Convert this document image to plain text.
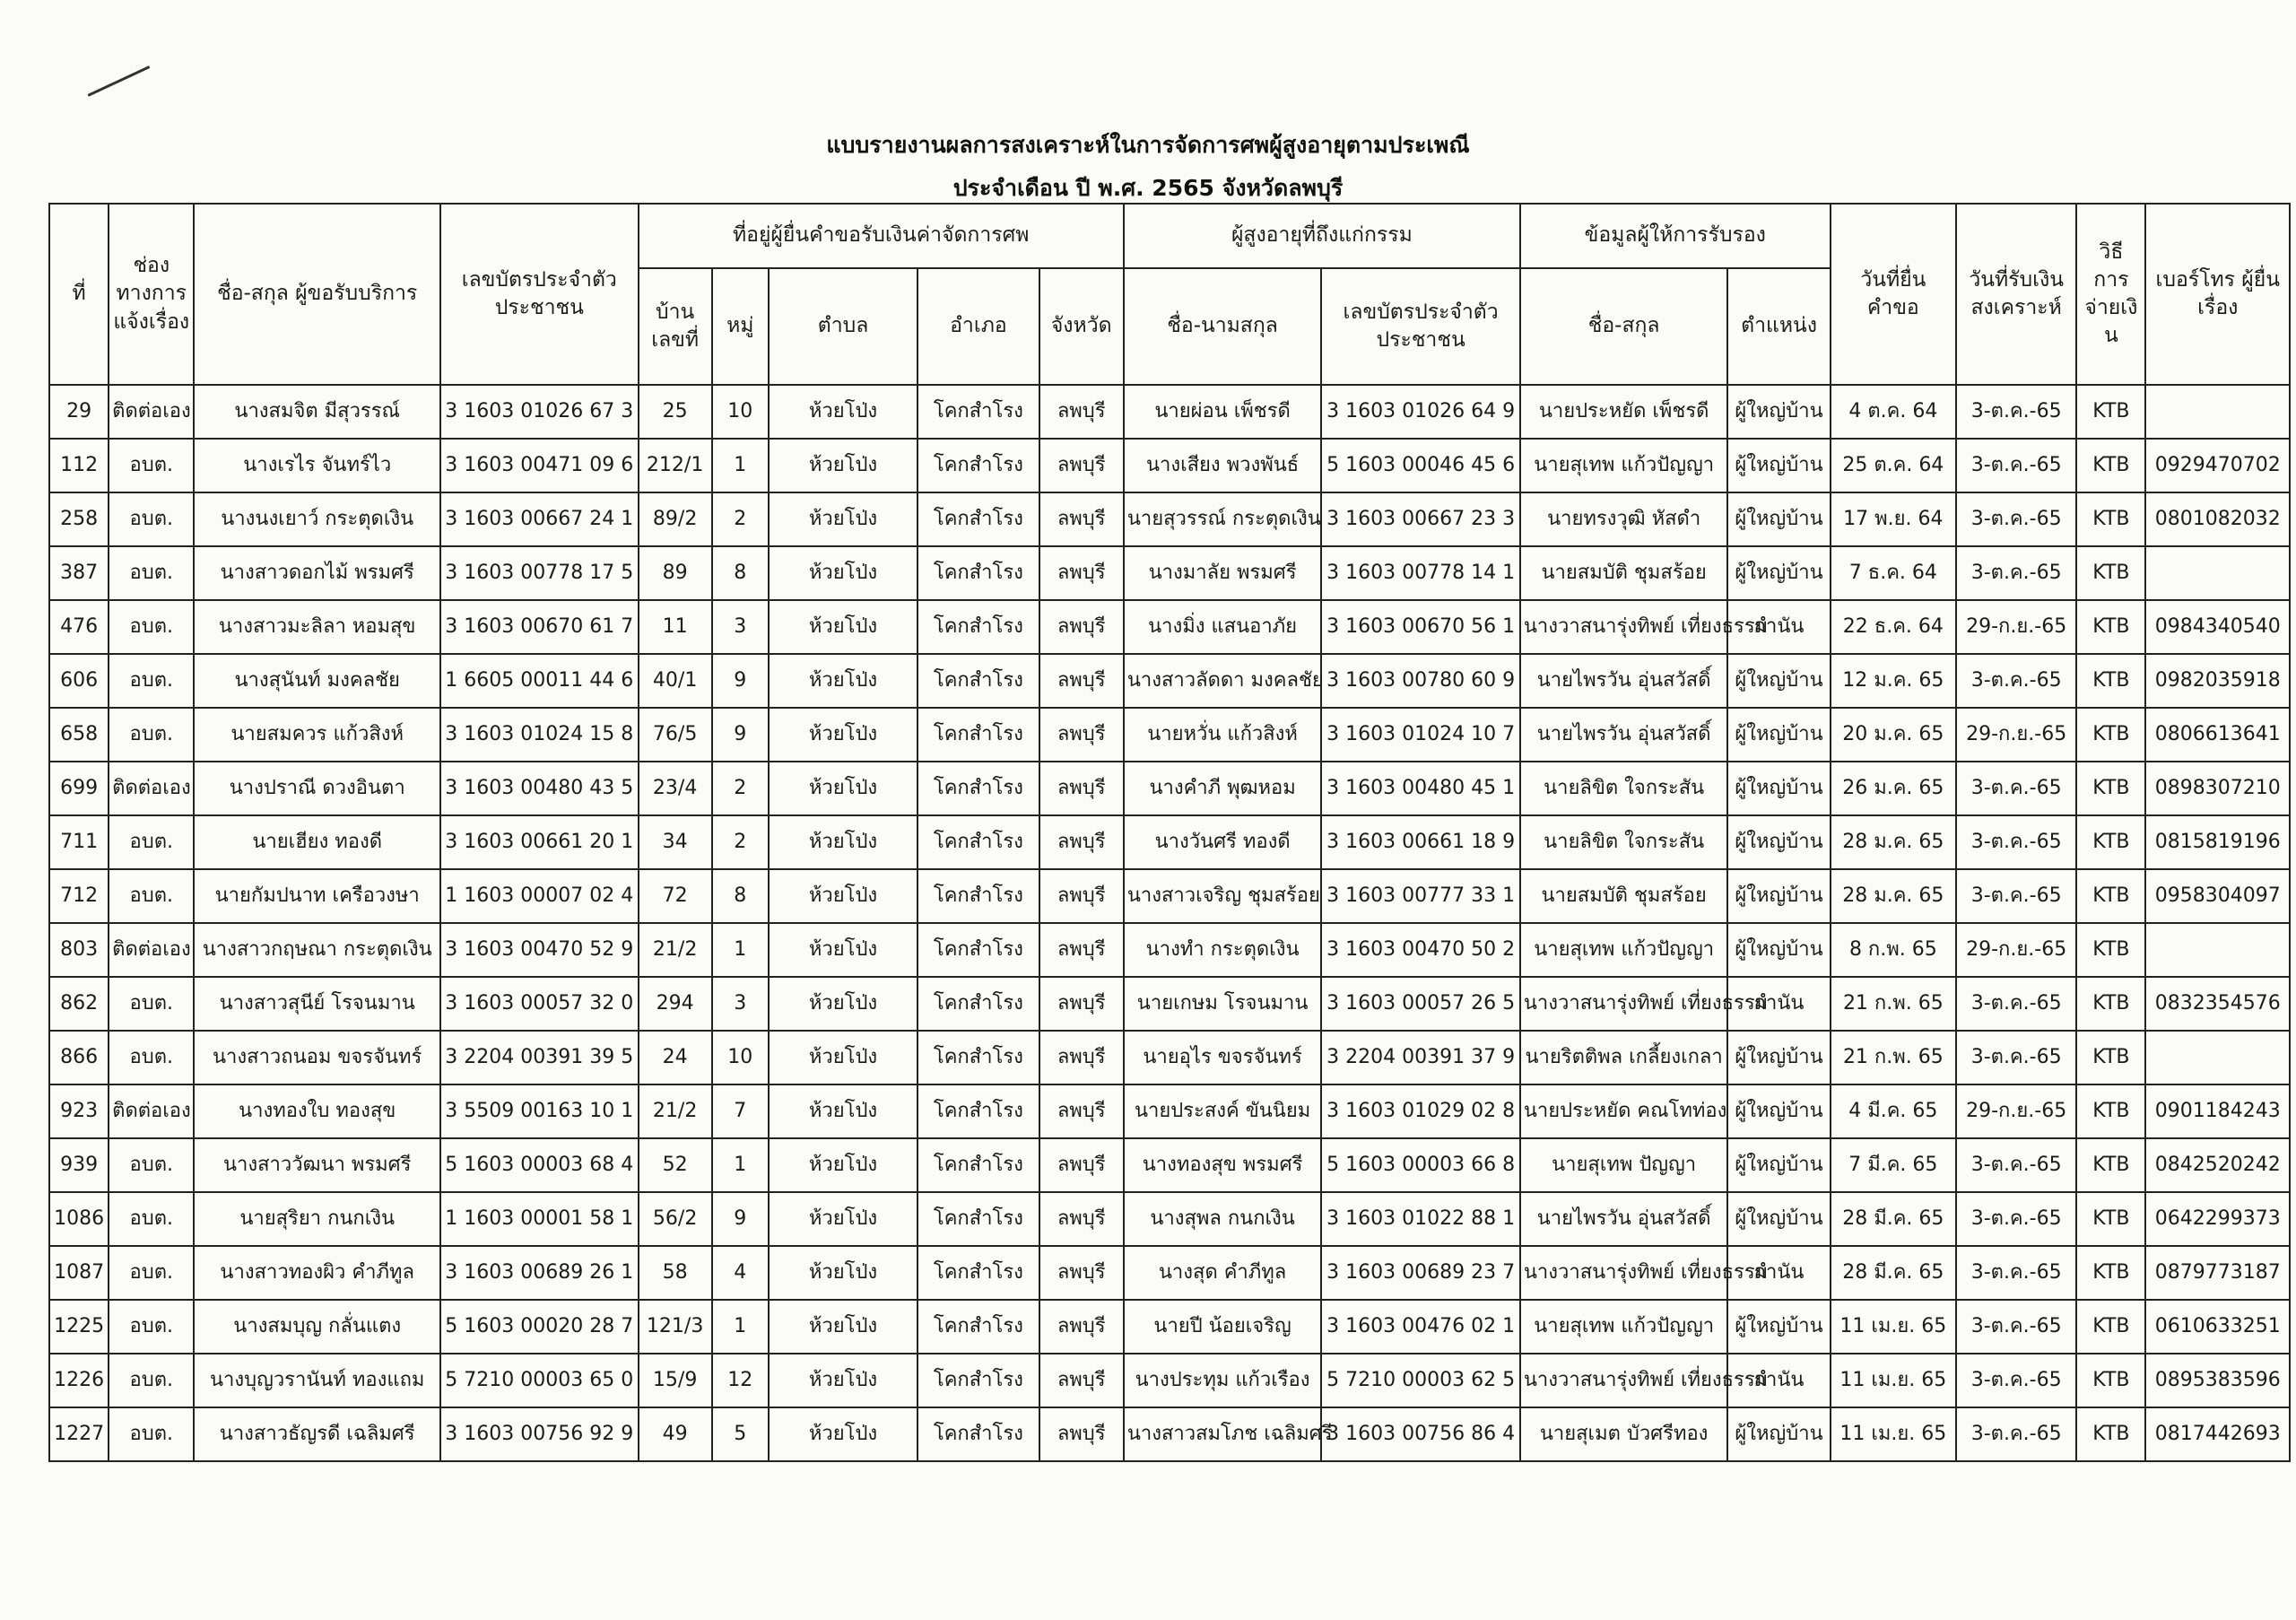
แบบรายงานผลการสงเคราะห์ในการจัดการศพผู้สูงอายุตามประเพณี
ประจำเดือน ปี พ.ศ. 2565 จังหวัดลพบุรี
ที่	ช่องทางการแจ้งเรื่อง	ชื่อ-สกุล ผู้ขอรับบริการ	เลขบัตรประจำตัว ประชาชน	ที่อยู่ผู้ยื่นคำขอรับเงินค่าจัดการศพ					ผู้สูงอายุที่ถึงแก่กรรม		ข้อมูลผู้ให้การรับรอง		วันที่ยื่น คำขอ	วันที่รับเงิน สงเคราะห์	วิธี การ จ่ายเงิ น	เบอร์โทร ผู้ยื่นเรื่อง
				บ้าน เลขที่	หมู่	ตำบล	อำเภอ	จังหวัด	ชื่อ-นามสกุล	เลขบัตรประจำตัว ประชาชน	ชื่อ-สกุล	ตำแหน่ง				
29	ติดต่อเอง	นางสมจิต มีสุวรรณ์	3 1603 01026 67 3	25	10	ห้วยโป่ง	โคกสำโรง	ลพบุรี	นายผ่อน เพ็ชรดี	3 1603 01026 64 9	นายประหยัด เพ็ชรดี	ผู้ใหญ่บ้าน	4 ต.ค. 64	3-ต.ค.-65	KTB	
112	อบต.	นางเรไร จันทร์ไว	3 1603 00471 09 6	212/1	1	ห้วยโป่ง	โคกสำโรง	ลพบุรี	นางเสียง พวงพันธ์	5 1603 00046 45 6	นายสุเทพ แก้วปัญญา	ผู้ใหญ่บ้าน	25 ต.ค. 64	3-ต.ค.-65	KTB	0929470702
258	อบต.	นางนงเยาว์ กระตุดเงิน	3 1603 00667 24 1	89/2	2	ห้วยโป่ง	โคกสำโรง	ลพบุรี	นายสุวรรณ์ กระตุดเงิน	3 1603 00667 23 3	นายทรงวุฒิ หัสดำ	ผู้ใหญ่บ้าน	17 พ.ย. 64	3-ต.ค.-65	KTB	0801082032
387	อบต.	นางสาวดอกไม้ พรมศรี	3 1603 00778 17 5	89	8	ห้วยโป่ง	โคกสำโรง	ลพบุรี	นางมาลัย พรมศรี	3 1603 00778 14 1	นายสมบัติ ชุมสร้อย	ผู้ใหญ่บ้าน	7 ธ.ค. 64	3-ต.ค.-65	KTB	
476	อบต.	นางสาวมะลิลา หอมสุข	3 1603 00670 61 7	11	3	ห้วยโป่ง	โคกสำโรง	ลพบุรี	นางมิ่ง แสนอาภัย	3 1603 00670 56 1	นางวาสนารุ่งทิพย์ เที่ยงธรรม	กำนัน	22 ธ.ค. 64	29-ก.ย.-65	KTB	0984340540
606	อบต.	นางสุนันท์ มงคลชัย	1 6605 00011 44 6	40/1	9	ห้วยโป่ง	โคกสำโรง	ลพบุรี	นางสาวลัดดา มงคลชัย	3 1603 00780 60 9	นายไพรวัน อุ่นสวัสดิ์	ผู้ใหญ่บ้าน	12 ม.ค. 65	3-ต.ค.-65	KTB	0982035918
658	อบต.	นายสมควร แก้วสิงห์	3 1603 01024 15 8	76/5	9	ห้วยโป่ง	โคกสำโรง	ลพบุรี	นายหวั่น แก้วสิงห์	3 1603 01024 10 7	นายไพรวัน อุ่นสวัสดิ์	ผู้ใหญ่บ้าน	20 ม.ค. 65	29-ก.ย.-65	KTB	0806613641
699	ติดต่อเอง	นางปราณี ดวงอินตา	3 1603 00480 43 5	23/4	2	ห้วยโป่ง	โคกสำโรง	ลพบุรี	นางคำภี พุฒหอม	3 1603 00480 45 1	นายลิขิต ใจกระสัน	ผู้ใหญ่บ้าน	26 ม.ค. 65	3-ต.ค.-65	KTB	0898307210
711	อบต.	นายเฮียง ทองดี	3 1603 00661 20 1	34	2	ห้วยโป่ง	โคกสำโรง	ลพบุรี	นางวันศรี ทองดี	3 1603 00661 18 9	นายลิขิต ใจกระสัน	ผู้ใหญ่บ้าน	28 ม.ค. 65	3-ต.ค.-65	KTB	0815819196
712	อบต.	นายกัมปนาท เครือวงษา	1 1603 00007 02 4	72	8	ห้วยโป่ง	โคกสำโรง	ลพบุรี	นางสาวเจริญ ชุมสร้อย	3 1603 00777 33 1	นายสมบัติ ชุมสร้อย	ผู้ใหญ่บ้าน	28 ม.ค. 65	3-ต.ค.-65	KTB	0958304097
803	ติดต่อเอง	นางสาวกฤษณา กระตุดเงิน	3 1603 00470 52 9	21/2	1	ห้วยโป่ง	โคกสำโรง	ลพบุรี	นางทำ กระตุดเงิน	3 1603 00470 50 2	นายสุเทพ แก้วปัญญา	ผู้ใหญ่บ้าน	8 ก.พ. 65	29-ก.ย.-65	KTB	
862	อบต.	นางสาวสุนีย์ โรจนมาน	3 1603 00057 32 0	294	3	ห้วยโป่ง	โคกสำโรง	ลพบุรี	นายเกษม โรจนมาน	3 1603 00057 26 5	นางวาสนารุ่งทิพย์ เที่ยงธรรม	กำนัน	21 ก.พ. 65	3-ต.ค.-65	KTB	0832354576
866	อบต.	นางสาวถนอม ขจรจันทร์	3 2204 00391 39 5	24	10	ห้วยโป่ง	โคกสำโรง	ลพบุรี	นายอุไร ขจรจันทร์	3 2204 00391 37 9	นายริตติพล เกลี้ยงเกลา	ผู้ใหญ่บ้าน	21 ก.พ. 65	3-ต.ค.-65	KTB	
923	ติดต่อเอง	นางทองใบ ทองสุข	3 5509 00163 10 1	21/2	7	ห้วยโป่ง	โคกสำโรง	ลพบุรี	นายประสงค์ ขันนิยม	3 1603 01029 02 8	นายประหยัด คณโทท่อง	ผู้ใหญ่บ้าน	4 มี.ค. 65	29-ก.ย.-65	KTB	0901184243
939	อบต.	นางสาววัฒนา พรมศรี	5 1603 00003 68 4	52	1	ห้วยโป่ง	โคกสำโรง	ลพบุรี	นางทองสุข พรมศรี	5 1603 00003 66 8	นายสุเทพ ปัญญา	ผู้ใหญ่บ้าน	7 มี.ค. 65	3-ต.ค.-65	KTB	0842520242
1086	อบต.	นายสุริยา กนกเงิน	1 1603 00001 58 1	56/2	9	ห้วยโป่ง	โคกสำโรง	ลพบุรี	นางสุพล กนกเงิน	3 1603 01022 88 1	นายไพรวัน อุ่นสวัสดิ์	ผู้ใหญ่บ้าน	28 มี.ค. 65	3-ต.ค.-65	KTB	0642299373
1087	อบต.	นางสาวทองผิว คำภีทูล	3 1603 00689 26 1	58	4	ห้วยโป่ง	โคกสำโรง	ลพบุรี	นางสุด คำภีทูล	3 1603 00689 23 7	นางวาสนารุ่งทิพย์ เที่ยงธรรม	กำนัน	28 มี.ค. 65	3-ต.ค.-65	KTB	0879773187
1225	อบต.	นางสมบุญ กลั่นแตง	5 1603 00020 28 7	121/3	1	ห้วยโป่ง	โคกสำโรง	ลพบุรี	นายปี น้อยเจริญ	3 1603 00476 02 1	นายสุเทพ แก้วปัญญา	ผู้ใหญ่บ้าน	11 เม.ย. 65	3-ต.ค.-65	KTB	0610633251
1226	อบต.	นางบุญวรานันท์ ทองแถม	5 7210 00003 65 0	15/9	12	ห้วยโป่ง	โคกสำโรง	ลพบุรี	นางประทุม แก้วเรือง	5 7210 00003 62 5	นางวาสนารุ่งทิพย์ เที่ยงธรรม	กำนัน	11 เม.ย. 65	3-ต.ค.-65	KTB	0895383596
1227	อบต.	นางสาวธัญรดี เฉลิมศรี	3 1603 00756 92 9	49	5	ห้วยโป่ง	โคกสำโรง	ลพบุรี	นางสาวสมโภช เฉลิมศรี	3 1603 00756 86 4	นายสุเมต บัวศรีทอง	ผู้ใหญ่บ้าน	11 เม.ย. 65	3-ต.ค.-65	KTB	0817442693
